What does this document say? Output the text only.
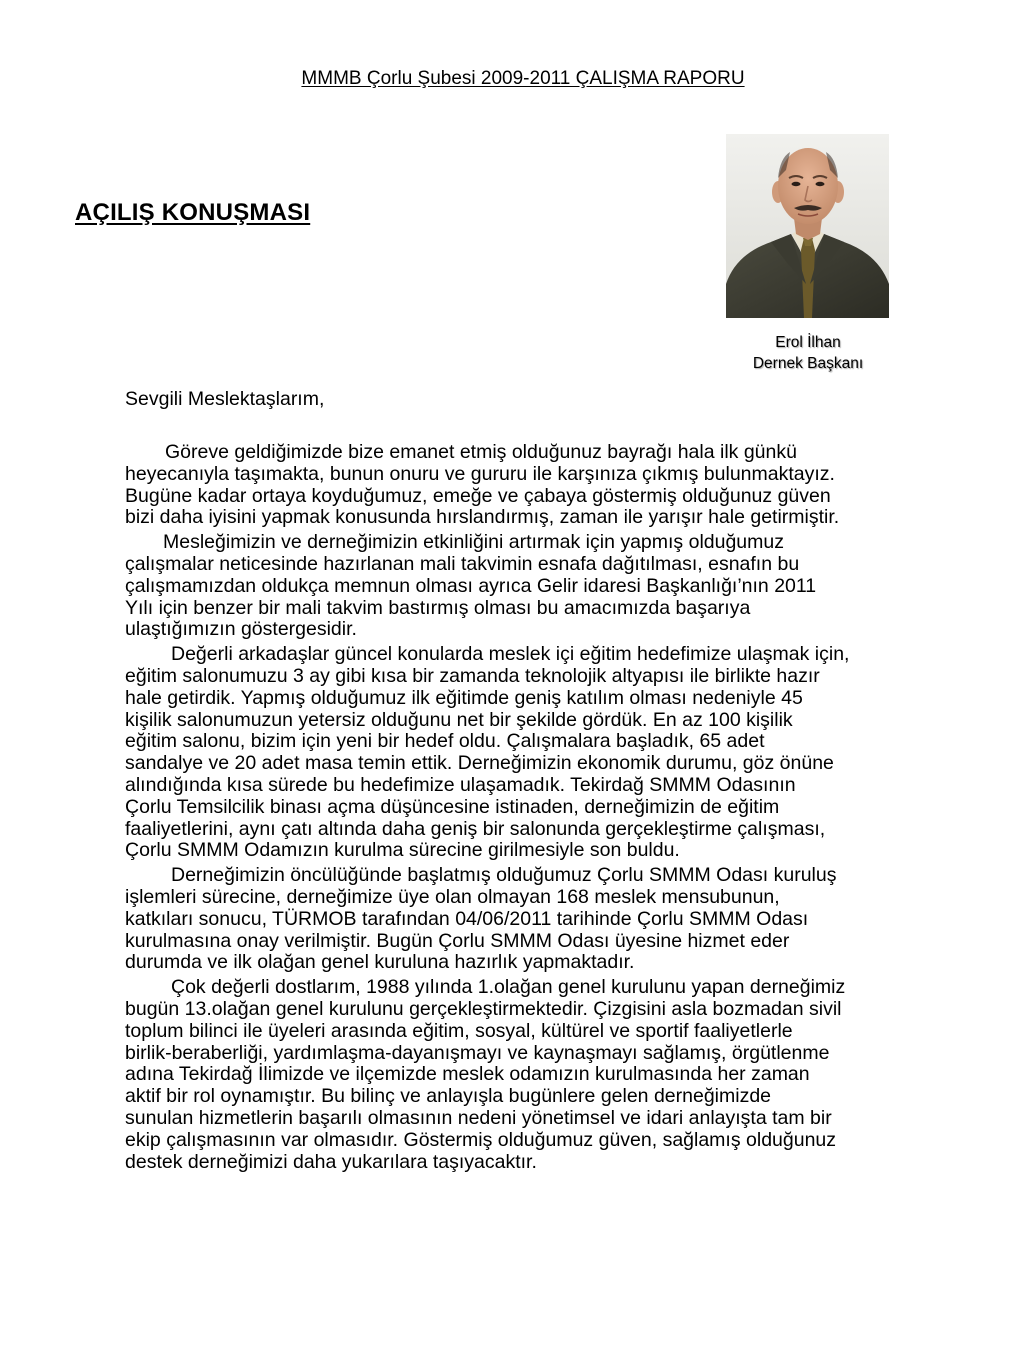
MMMB Çorlu Şubesi 2009-2011 ÇALIŞMA RAPORU
AÇILIŞ KONUŞMASI
Erol İlhan
Dernek Başkanı
Sevgili Meslektaşlarım,
Göreve geldiğimizde bize emanet etmiş olduğunuz bayrağı hala ilk günkü
heyecanıyla taşımakta, bunun onuru ve gururu ile karşınıza çıkmış bulunmaktayız.
Bugüne kadar ortaya koyduğumuz, emeğe ve çabaya göstermiş olduğunuz güven
bizi daha iyisini yapmak konusunda hırslandırmış, zaman ile yarışır hale getirmiştir.
Mesleğimizin ve derneğimizin etkinliğini artırmak için yapmış olduğumuz
çalışmalar neticesinde hazırlanan mali takvimin esnafa dağıtılması, esnafın bu
çalışmamızdan oldukça memnun olması ayrıca Gelir idaresi Başkanlığı’nın 2011
Yılı için benzer bir mali takvim bastırmış olması bu amacımızda başarıya
ulaştığımızın göstergesidir.
Değerli arkadaşlar güncel konularda meslek içi eğitim hedefimize ulaşmak için,
eğitim salonumuzu 3 ay gibi kısa bir zamanda teknolojik altyapısı ile birlikte hazır
hale getirdik. Yapmış olduğumuz ilk eğitimde geniş katılım olması nedeniyle 45
kişilik salonumuzun yetersiz olduğunu net bir şekilde gördük. En az 100 kişilik
eğitim salonu, bizim için yeni bir hedef oldu. Çalışmalara başladık, 65 adet
sandalye ve 20 adet masa temin ettik. Derneğimizin ekonomik durumu, göz önüne
alındığında kısa sürede bu hedefimize ulaşamadık. Tekirdağ SMMM Odasının
Çorlu Temsilcilik binası açma düşüncesine istinaden, derneğimizin de eğitim
faaliyetlerini, aynı çatı altında daha geniş bir salonunda gerçekleştirme çalışması,
Çorlu SMMM Odamızın kurulma sürecine girilmesiyle son buldu.
Derneğimizin öncülüğünde başlatmış olduğumuz Çorlu SMMM Odası kuruluş
işlemleri sürecine, derneğimize üye olan olmayan 168 meslek mensubunun,
katkıları sonucu, TÜRMOB tarafından 04/06/2011 tarihinde Çorlu SMMM Odası
kurulmasına onay verilmiştir. Bugün Çorlu SMMM Odası üyesine hizmet eder
durumda ve ilk olağan genel kuruluna hazırlık yapmaktadır.
Çok değerli dostlarım, 1988 yılında 1.olağan genel kurulunu yapan derneğimiz
bugün 13.olağan genel kurulunu gerçekleştirmektedir. Çizgisini asla bozmadan sivil
toplum bilinci ile üyeleri arasında eğitim, sosyal, kültürel ve sportif faaliyetlerle
birlik-beraberliği, yardımlaşma-dayanışmayı ve kaynaşmayı sağlamış, örgütlenme
adına Tekirdağ İlimizde ve ilçemizde meslek odamızın kurulmasında her zaman
aktif bir rol oynamıştır. Bu bilinç ve anlayışla bugünlere gelen derneğimizde
sunulan hizmetlerin başarılı olmasının nedeni yönetimsel ve idari anlayışta tam bir
ekip çalışmasının var olmasıdır. Göstermiş olduğumuz güven, sağlamış olduğunuz
destek derneğimizi daha yukarılara taşıyacaktır.
